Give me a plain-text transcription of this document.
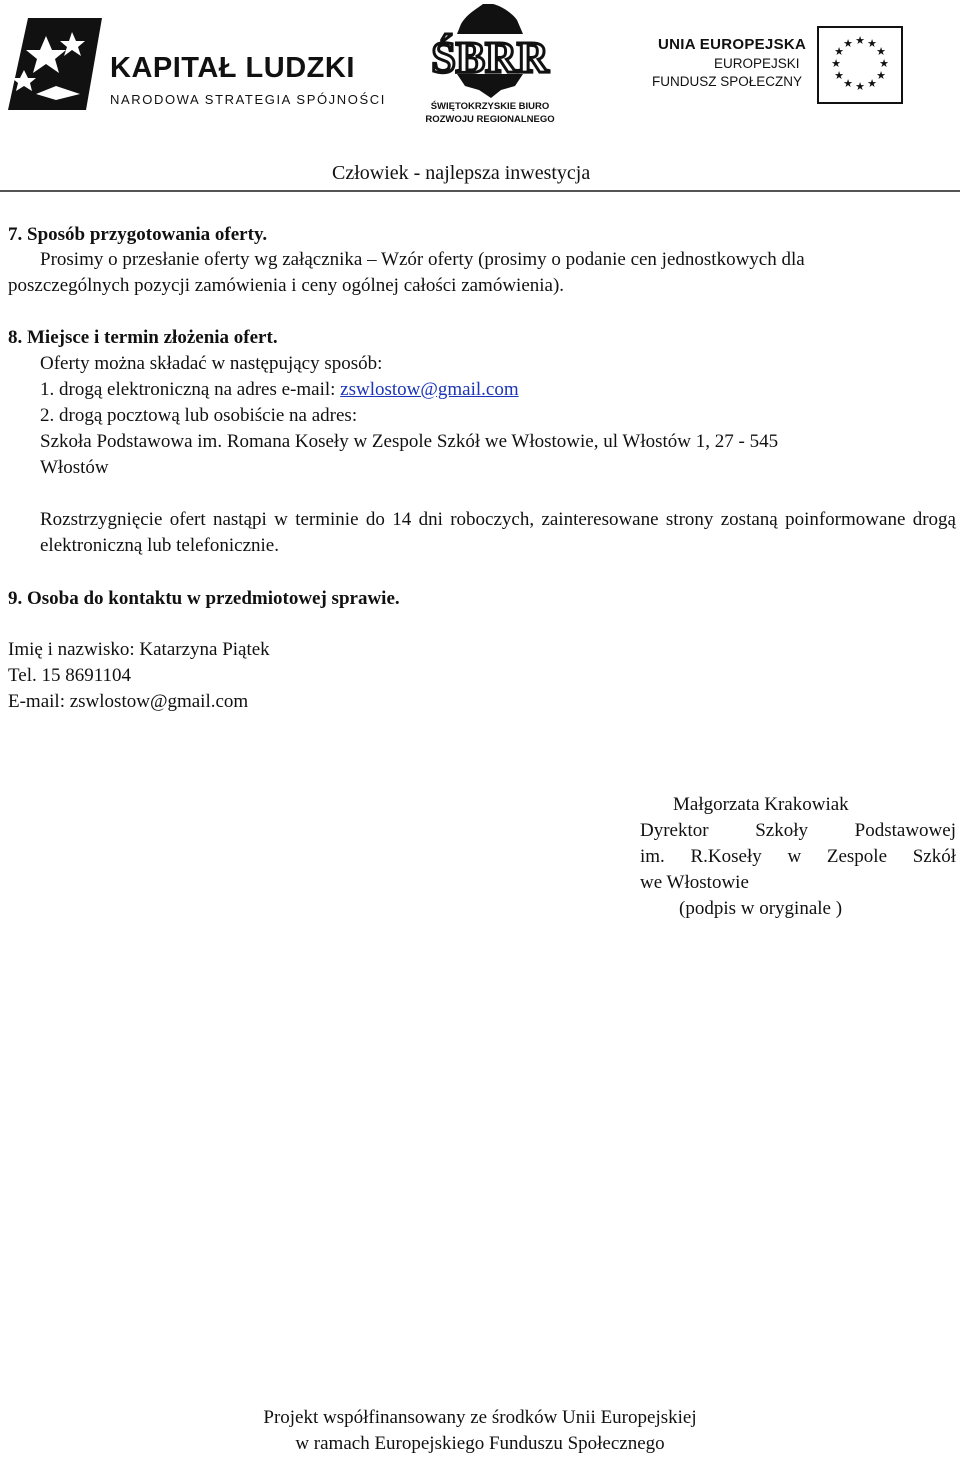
KAPITAŁ LUDZKI
NARODOWA STRATEGIA SPÓJNOŚCI
ŚBRR
ŚWIĘTOKRZYSKIE BIURO
ROZWOJU REGIONALNEGO
UNIA EUROPEJSKA
EUROPEJSKI
FUNDUSZ SPOŁECZNY
★ ★
★
★
★
★
★
★
★
★
★
★
Człowiek - najlepsza inwestycja
7. Sposób przygotowania oferty.
Prosimy o przesłanie oferty wg załącznika – Wzór oferty (prosimy o podanie cen jednostkowych dla
poszczególnych pozycji zamówienia i ceny ogólnej całości zamówienia).
8. Miejsce i termin złożenia ofert.
Oferty można składać w następujący sposób:
1. drogą elektroniczną na adres e-mail: zswlostow@gmail.com
2. drogą pocztową lub osobiście na adres:
Szkoła Podstawowa im. Romana Koseły w Zespole Szkół we Włostowie, ul Włostów 1, 27 - 545
Włostów
Rozstrzygnięcie ofert nastąpi w terminie do 14 dni roboczych, zainteresowane strony zostaną poinformowane drogą elektroniczną lub telefonicznie.
9. Osoba do kontaktu w przedmiotowej sprawie.
Imię i nazwisko: Katarzyna Piątek
Tel. 15 8691104
E-mail: zswlostow@gmail.com
Małgorzata Krakowiak
Dyrektor Szkoły Podstawowej
im. R.Koseły w Zespole Szkół
we Włostowie
(podpis w oryginale )
Projekt współfinansowany ze środków Unii Europejskiej
w ramach Europejskiego Funduszu Społecznego
